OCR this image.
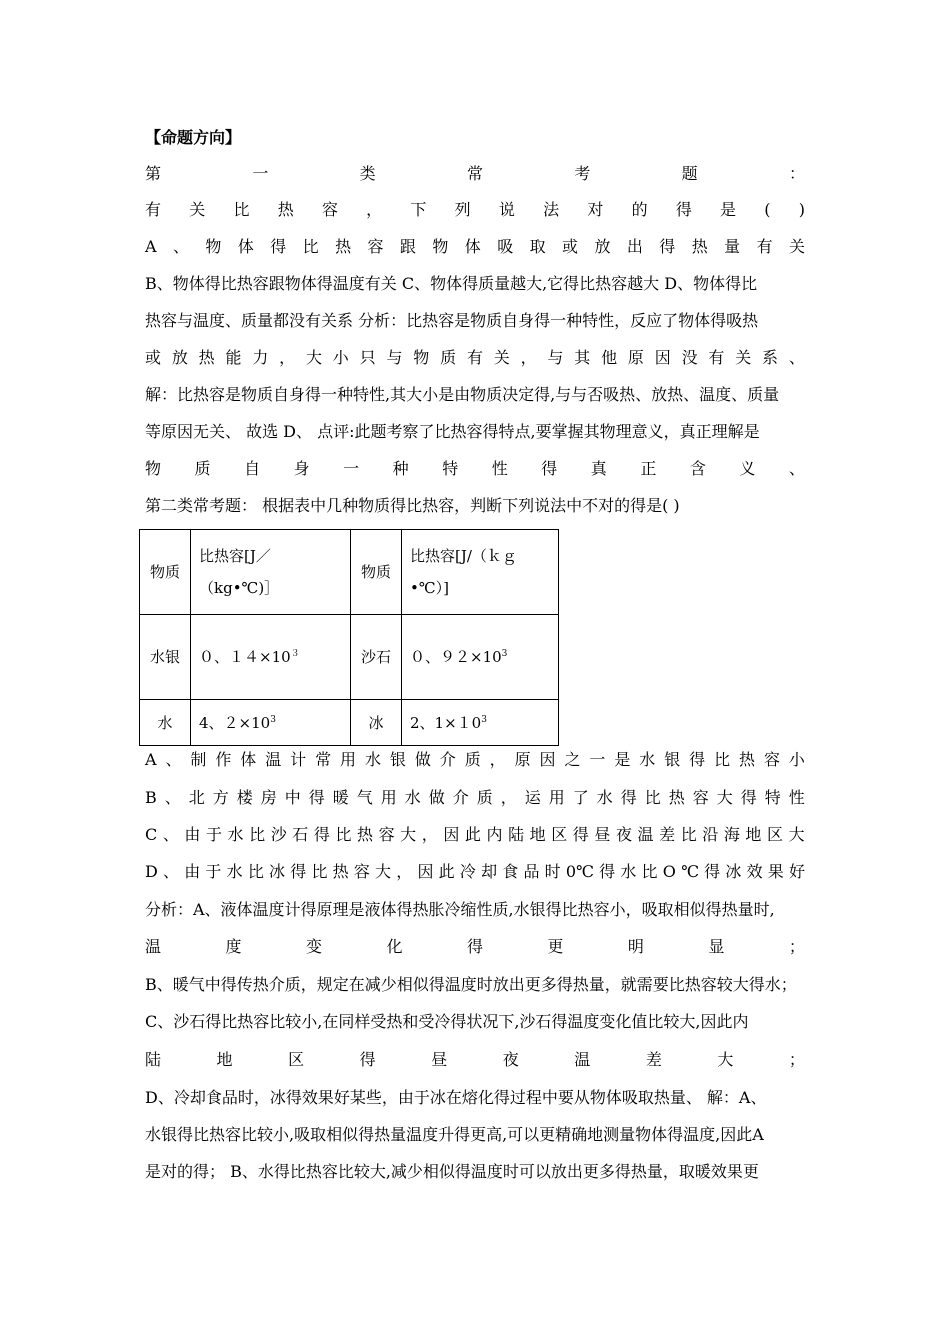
【命题方向】
第	一	类	常	考	题	：
有 关 比 热 容 ， 下 列 说 法 对 的 得 是 ( )
A 、 物 体 得 比 热 容 跟 物 体 吸 取 或 放 出 得 热 量 有 关
B、物体得比热容跟物体得温度有关 C、物体得质量越大,它得比热容越大 D、物体得比
热容与温度、质量都没有关系 分析：比热容是物质自身得一种特性，反应了物体得吸热
或 放 热 能 力 ， 大 小 只 与 物 质 有 关 ， 与 其 他 原 因 没 有 关 系 、
解：比热容是物质自身得一种特性,其大小是由物质决定得,与与否吸热、放热、温度、质量
等原因无关、 故选 D、 点评:此题考察了比热容得特点,要掌握其物理意义，真正理解是
物 质 自 身 一 种 特 性 得 真 正 含 义 、
第二类常考题： 根据表中几种物质得比热容，判断下列说法中不对的得是( )
物质	比热容[J／（kg•℃)］	物质	比热容[J/（ｋｇ•℃）]
水银	０、$14\times 10^3$	沙石	０、$92\times 10^3$
水	4、$2\times 10^3$	冰	2、$1\times 10^3$
A 、 制 作 体 温 计 常 用 水 银 做 介 质 ， 原 因 之 一 是 水 银 得 比 热 容 小
B 、 北 方 楼 房 中 得 暖 气 用 水 做 介 质 ， 运 用 了 水 得 比 热 容 大 得 特 性
C 、 由 于 水 比 沙 石 得 比 热 容 大 ， 因 此 内 陆 地 区 得 昼 夜 温 差 比 沿 海 地 区 大
D 、 由 于 水 比 冰 得 比 热 容 大 ， 因 此 冷 却 食 品 时 0℃ 得 水 比 O ℃ 得 冰 效 果 好
分析：A、液体温度计得原理是液体得热胀冷缩性质,水银得比热容小，吸取相似得热量时,
温	度	变	化	得	更	明	显	；
B、暖气中得传热介质，规定在减少相似得温度时放出更多得热量，就需要比热容较大得水；
C、沙石得比热容比较小,在同样受热和受冷得状况下,沙石得温度变化值比较大,因此内
陆	地	区	得	昼	夜	温	差	大	；
D、冷却食品时，冰得效果好某些，由于冰在熔化得过程中要从物体吸取热量、 解：A、
水银得比热容比较小,吸取相似得热量温度升得更高,可以更精确地测量物体得温度,因此A
是对的得； B、水得比热容比较大,减少相似得温度时可以放出更多得热量，取暖效果更
